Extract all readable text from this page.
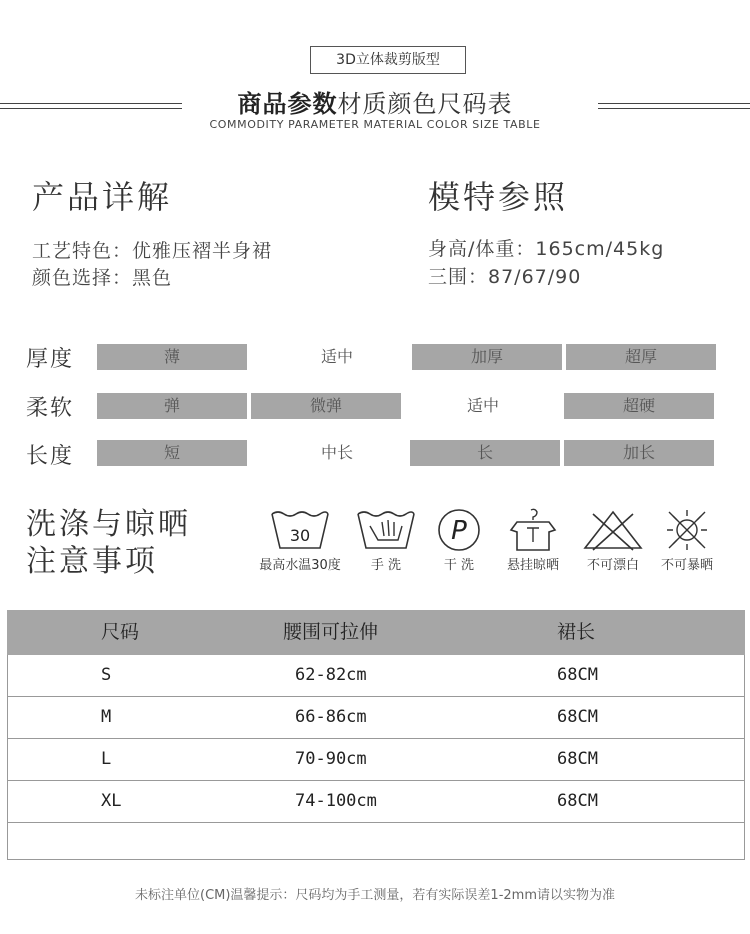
3D立体裁剪版型
商品参数材质颜色尺码表
COMMODITY PARAMETER MATERIAL COLOR SIZE TABLE
产品详解
工艺特色：优雅压褶半身裙
颜色选择：黑色
模特参照
身高/体重：165cm/45kg
三围：87/67/90
厚度	薄	适中	加厚	超厚
柔软	弹	微弹	适中	超硬
长度	短	中长	长	加长
洗涤与晾晒
注意事项
30
最高水温30度	手 洗
P
干 洗	悬挂晾晒	不可漂白	不可暴晒
尺码	腰围可拉伸	裙长
S	62-82cm	68CM
M	66-86cm	68CM
L	70-90cm	68CM
XL	74-100cm	68CM
未标注单位(CM)温馨提示：尺码均为手工测量，若有实际误差1-2mm请以实物为准
